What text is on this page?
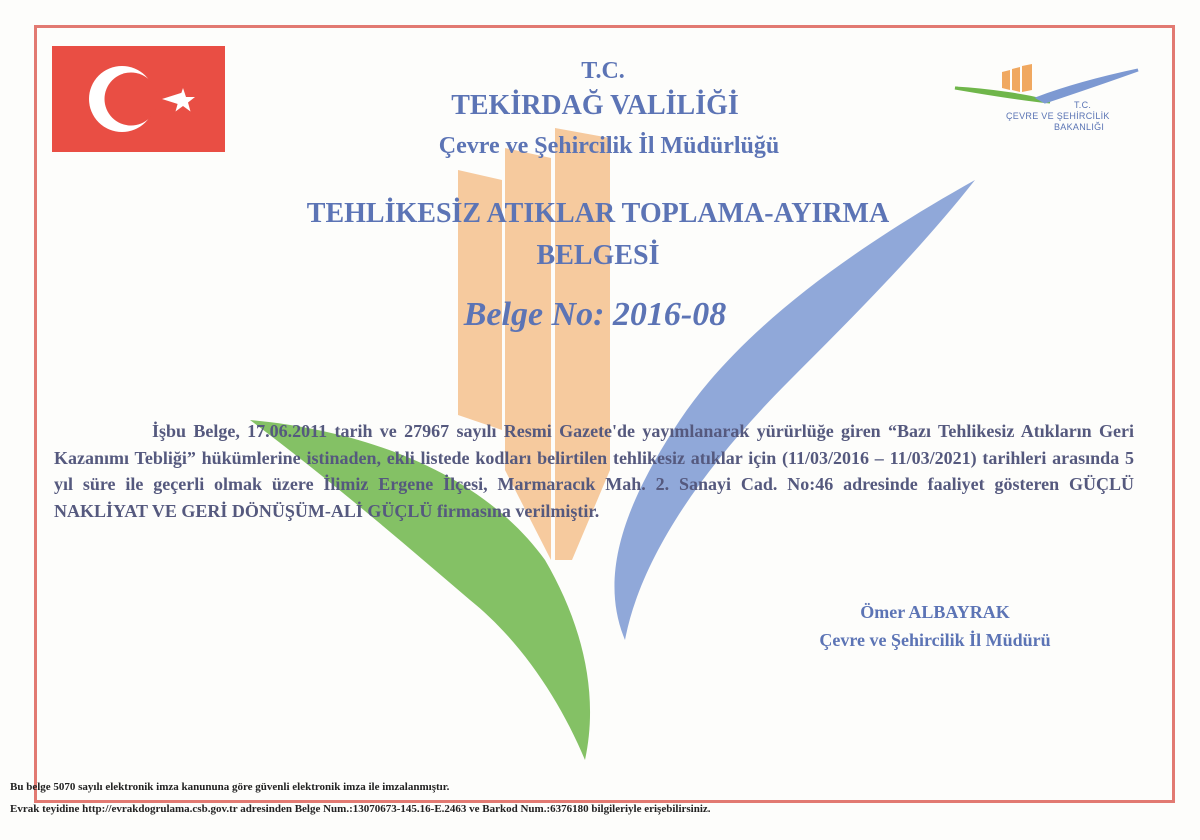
T.C.
ÇEVRE VE ŞEHİRCİLİK
BAKANLIĞI
T.C.
TEKİRDAĞ VALİLİĞİ
Çevre ve Şehircilik İl Müdürlüğü
TEHLİKESİZ ATIKLAR TOPLAMA-AYIRMA
BELGESİ
Belge No: 2016-08

İşbu Belge, 17.06.2011 tarih ve 27967 sayılı Resmi Gazete'de yayımlanarak yürürlüğe giren “Bazı Tehlikesiz Atıkların Geri Kazanımı Tebliği” hükümlerine istinaden, ekli listede kodları belirtilen tehlikesiz atıklar için (11/03/2016 – 11/03/2021) tarihleri arasında 5 yıl süre ile geçerli olmak üzere İlimiz Ergene İlçesi, Marmaracık Mah. 2. Sanayi Cad. No:46 adresinde faaliyet gösteren GÜÇLÜ NAKLİYAT VE GERİ DÖNÜŞÜM-ALİ GÜÇLÜ firmasına verilmiştir.

Ömer ALBAYRAK
Çevre ve Şehircilik İl Müdürü
Bu belge 5070 sayılı elektronik imza kanununa göre güvenli elektronik imza ile imzalanmıştır.
Evrak teyidine http://evrakdogrulama.csb.gov.tr adresinden Belge Num.:13070673-145.16-E.2463 ve Barkod Num.:6376180 bilgileriyle erişebilirsiniz.
